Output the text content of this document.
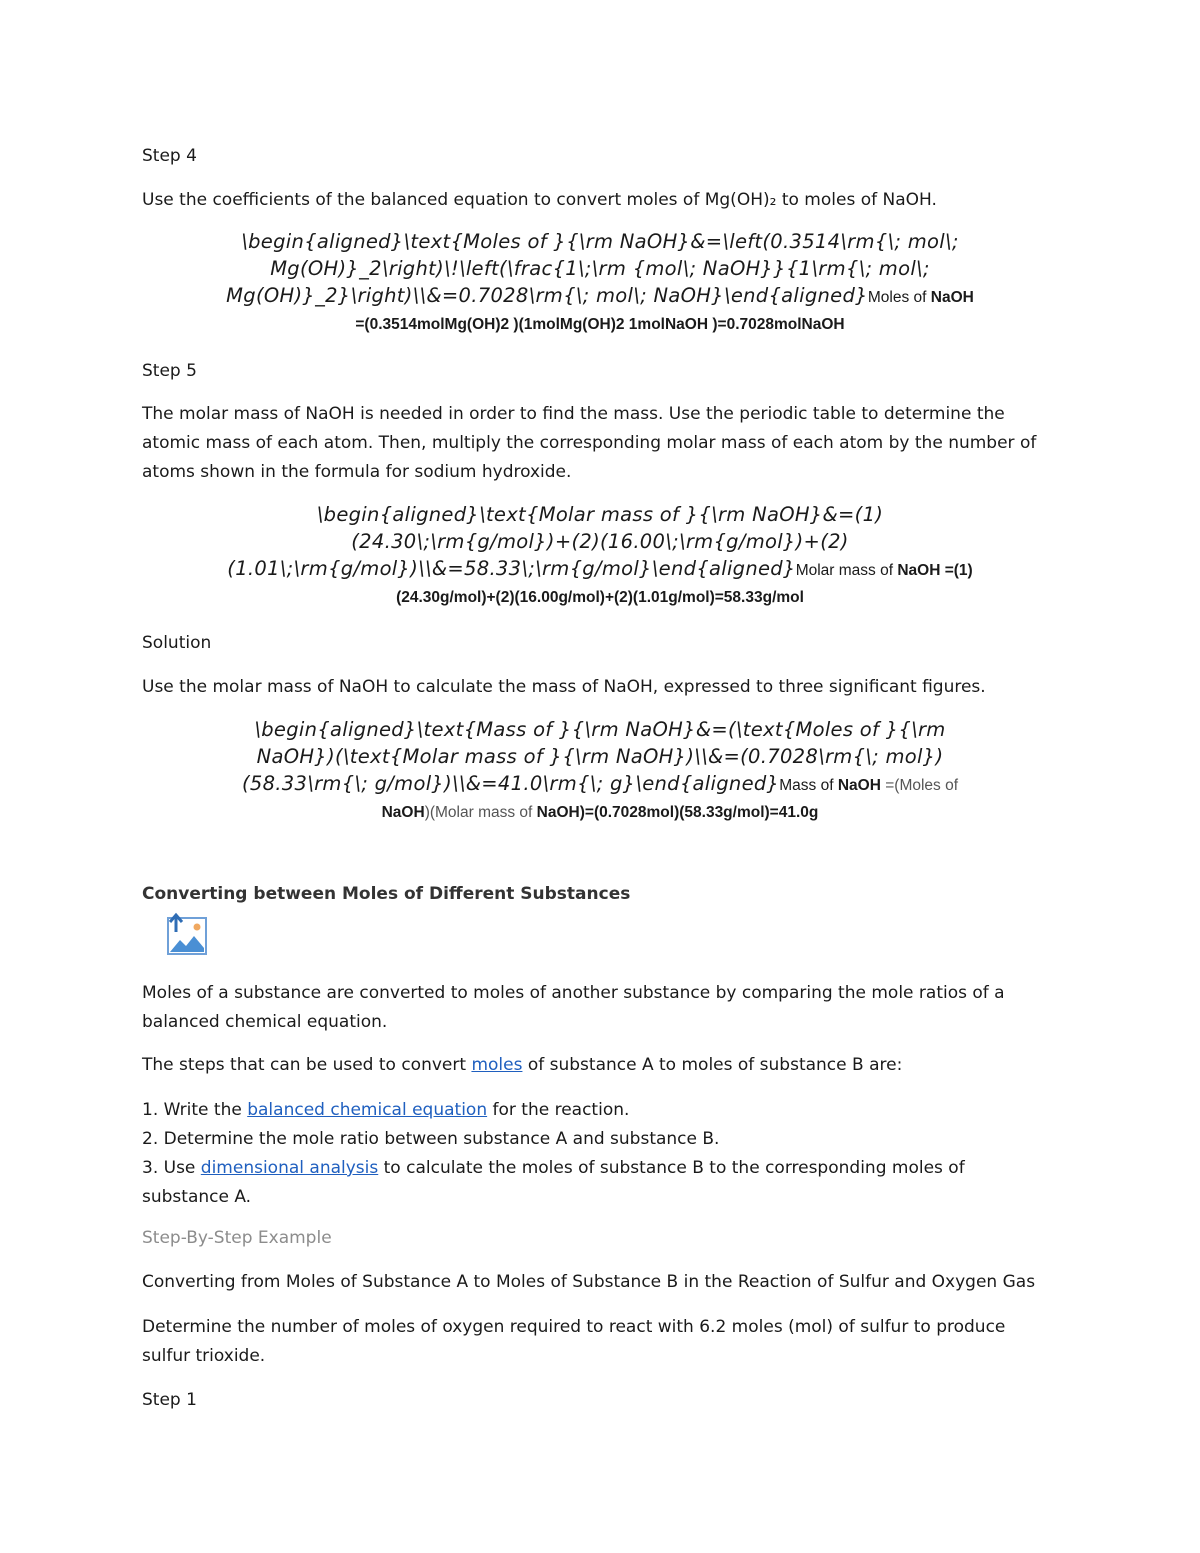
Step 4

Use the coefficients of the balanced equation to convert moles of Mg(OH)₂ to moles of NaOH.

\begin{aligned}\text{Moles of }{\rm NaOH}&=\left(0.3514\rm{\; mol\;
Mg(OH)}_2\right)\!\left(\frac{1\;\rm {mol\; NaOH}}{1\rm{\; mol\;
Mg(OH)}_2}\right)\\&=0.7028\rm{\; mol\; NaOH}\end{aligned}Moles of NaOH
=(0.3514molMg(OH)2 )(1molMg(OH)2 1molNaOH )=0.7028molNaOH

Step 5

The molar mass of NaOH is needed in order to find the mass. Use the periodic table to determine the

atomic mass of each atom. Then, multiply the corresponding molar mass of each atom by the number of

atoms shown in the formula for sodium hydroxide.

\begin{aligned}\text{Molar mass of }{\rm NaOH}&=(1)
(24.30\;\rm{g/mol})+(2)(16.00\;\rm{g/mol})+(2)
(1.01\;\rm{g/mol})\\&=58.33\;\rm{g/mol}\end{aligned}Molar mass of NaOH =(1)
(24.30g/mol)+(2)(16.00g/mol)+(2)(1.01g/mol)=58.33g/mol

Solution

Use the molar mass of NaOH to calculate the mass of NaOH, expressed to three significant figures.

\begin{aligned}\text{Mass of }{\rm NaOH}&=(\text{Moles of }{\rm
NaOH})(\text{Molar mass of }{\rm NaOH})\\&=(0.7028\rm{\; mol})
(58.33\rm{\; g/mol})\\&=41.0\rm{\; g}\end{aligned}Mass of NaOH =(Moles of
NaOH)(Molar mass of NaOH)=(0.7028mol)(58.33g/mol)=41.0g

Converting between Moles of Different Substances

Moles of a substance are converted to moles of another substance by comparing the mole ratios of a

balanced chemical equation.

The steps that can be used to convert moles of substance A to moles of substance B are:

1. Write the balanced chemical equation for the reaction.

2. Determine the mole ratio between substance A and substance B.

3. Use dimensional analysis to calculate the moles of substance B to the corresponding moles of

substance A.

Step-By-Step Example

Converting from Moles of Substance A to Moles of Substance B in the Reaction of Sulfur and Oxygen Gas

Determine the number of moles of oxygen required to react with 6.2 moles (mol) of sulfur to produce

sulfur trioxide.

Step 1
